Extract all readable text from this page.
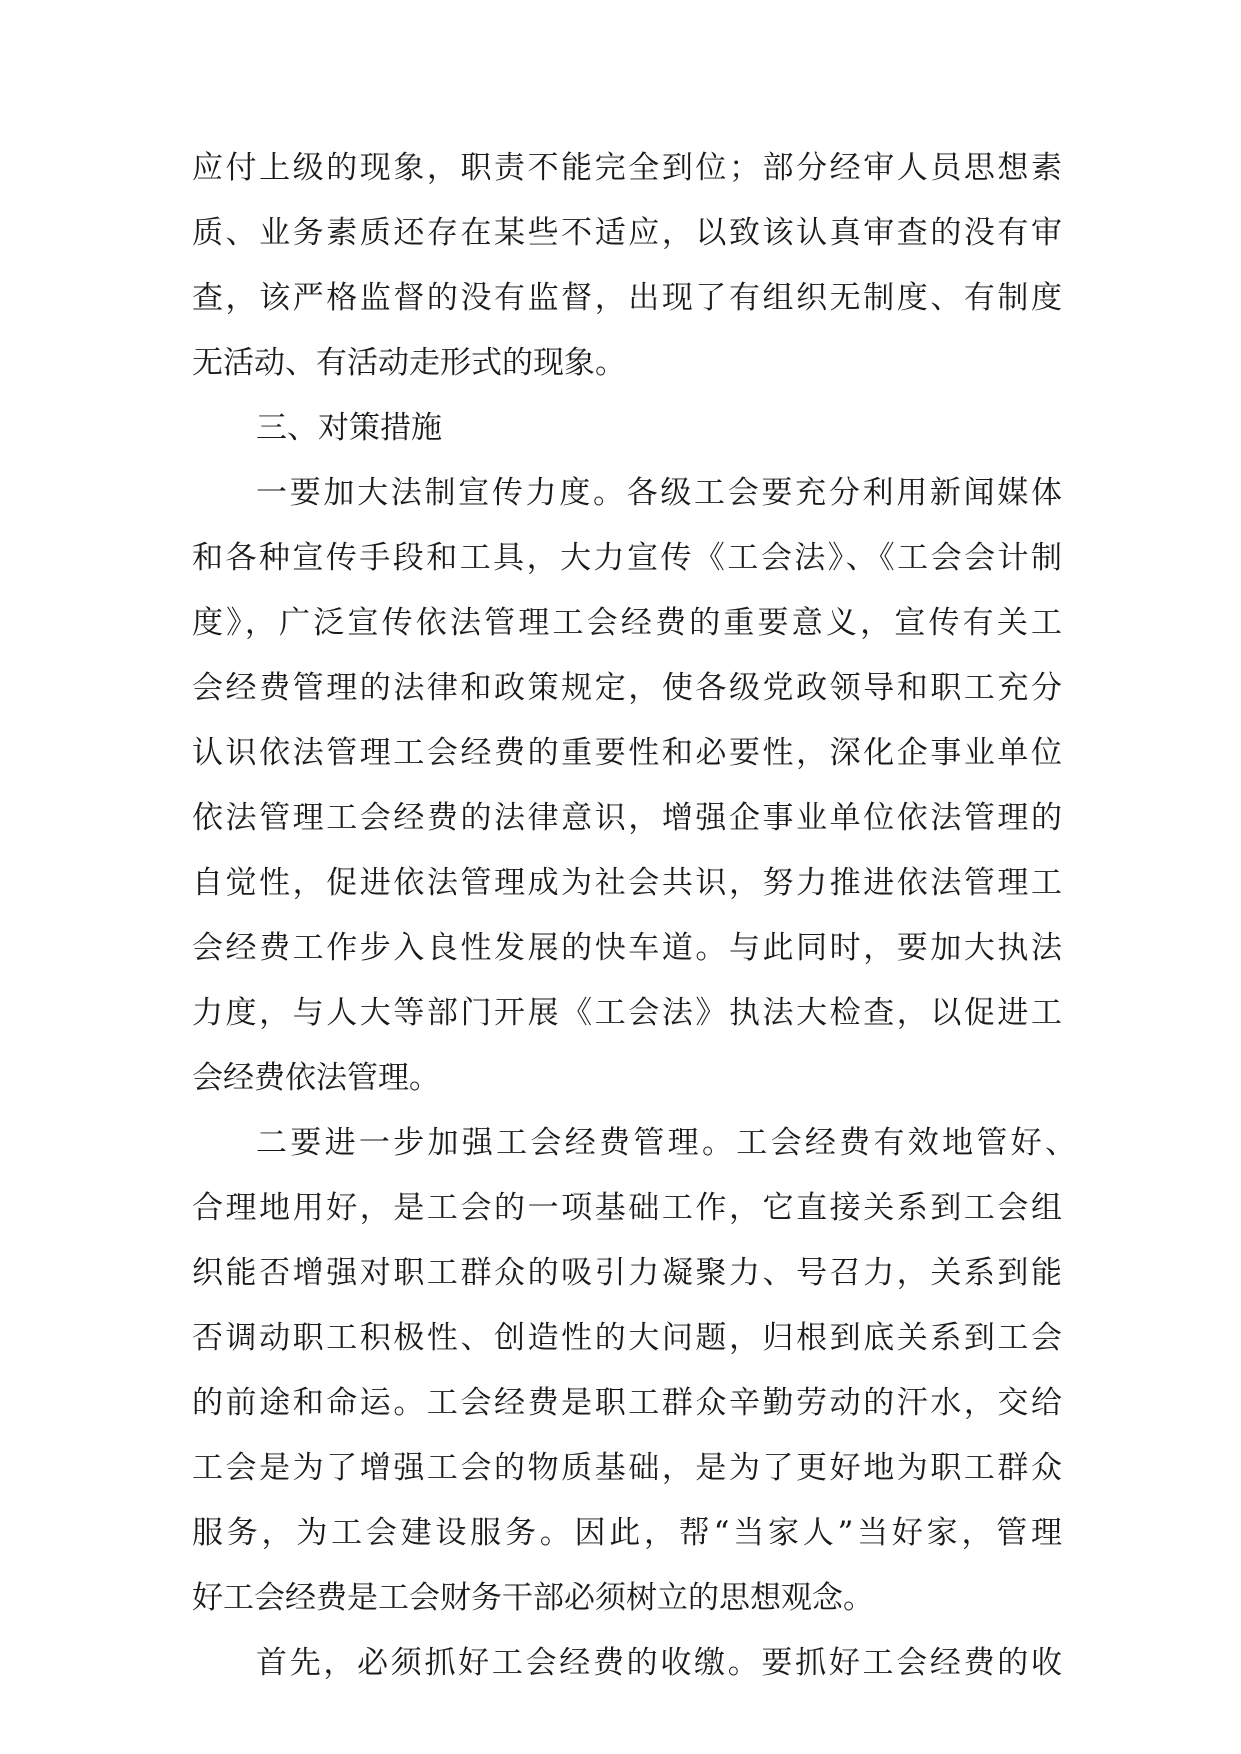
应付上级的现象，职责不能完全到位；部分经审人员思想素
质、业务素质还存在某些不适应，以致该认真审查的没有审
查，该严格监督的没有监督，出现了有组织无制度、有制度
无活动、有活动走形式的现象。
三、对策措施
一要加大法制宣传力度。各级工会要充分利用新闻媒体
和各种宣传手段和工具，大力宣传《工会法》、《工会会计制
度》，广泛宣传依法管理工会经费的重要意义，宣传有关工
会经费管理的法律和政策规定，使各级党政领导和职工充分
认识依法管理工会经费的重要性和必要性，深化企事业单位
依法管理工会经费的法律意识，增强企事业单位依法管理的
自觉性，促进依法管理成为社会共识，努力推进依法管理工
会经费工作步入良性发展的快车道。与此同时，要加大执法
力度，与人大等部门开展《工会法》执法大检查，以促进工
会经费依法管理。
二要进一步加强工会经费管理。工会经费有效地管好、
合理地用好，是工会的一项基础工作，它直接关系到工会组
织能否增强对职工群众的吸引力凝聚力、号召力，关系到能
否调动职工积极性、创造性的大问题，归根到底关系到工会
的前途和命运。工会经费是职工群众辛勤劳动的汗水，交给
工会是为了增强工会的物质基础，是为了更好地为职工群众
服务，为工会建设服务。因此，帮“当家人”当好家，管理
好工会经费是工会财务干部必须树立的思想观念。
首先，必须抓好工会经费的收缴。要抓好工会经费的收
